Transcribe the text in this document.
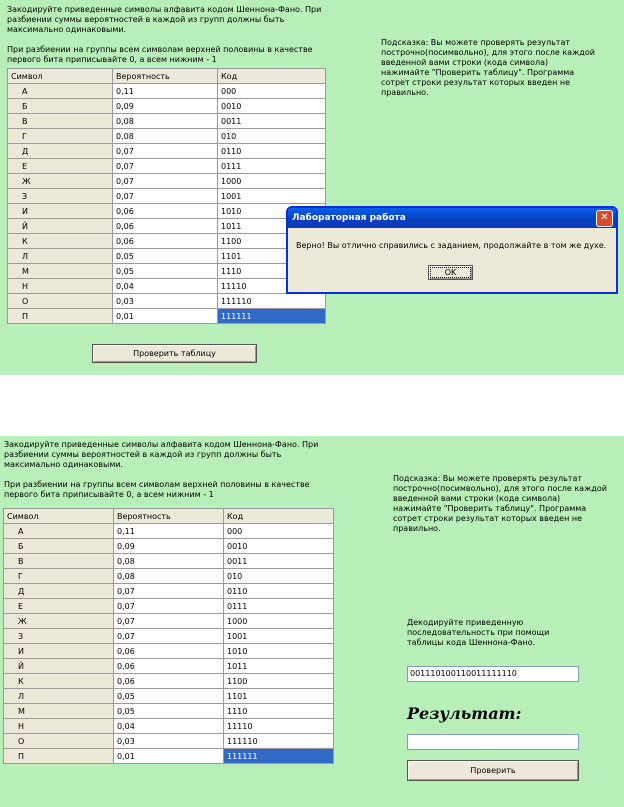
Закодируйте приведенные символы алфавита кодом Шеннона-Фано. При
разбиении суммы вероятностей в каждой из групп должны быть
максимально одинаковыми.
При разбиении на группы всем символам верхней половины в качестве
первого бита приписывайте 0, а всем нижним - 1
Подсказка: Вы можете проверять результат
построчно(посимвольно), для этого после каждой
введенной вами строки (кода символа)
нажимайте "Проверить таблицу". Программа
сотрет строки результат которых введен не
правильно.
Символ	Вероятность	Код
А	0,11	000
Б	0,09	0010
В	0,08	0011
Г	0,08	010
Д	0,07	0110
Е	0,07	0111
Ж	0,07	1000
З	0,07	1001
И	0,06	1010
Й	0,06	1011
К	0,06	1100
Л	0,05	1101
М	0,05	1110
Н	0,04	11110
О	0,03	111110
П	0,01	111111
Проверить таблицу
Лабораторная работа	✕
Верно! Вы отлично справились с заданием, продолжайте в том же духе.
OK
Закодируйте приведенные символы алфавита кодом Шеннона-Фано. При
разбиении суммы вероятностей в каждой из групп должны быть
максимально одинаковыми.
При разбиении на группы всем символам верхней половины в качестве
первого бита приписывайте 0, а всем нижним - 1
Подсказка: Вы можете проверять результат
построчно(посимвольно), для этого после каждой
введенной вами строки (кода символа)
нажимайте "Проверить таблицу". Программа
сотрет строки результат которых введен не
правильно.
Символ	Вероятность	Код
А	0,11	000
Б	0,09	0010
В	0,08	0011
Г	0,08	010
Д	0,07	0110
Е	0,07	0111
Ж	0,07	1000
З	0,07	1001
И	0,06	1010
Й	0,06	1011
К	0,06	1100
Л	0,05	1101
М	0,05	1110
Н	0,04	11110
О	0,03	111110
П	0,01	111111
Декодируйте приведенную
последовательность при помощи
таблицы кода Шеннона-Фано.
001110100110011111110
Результат:
Проверить
